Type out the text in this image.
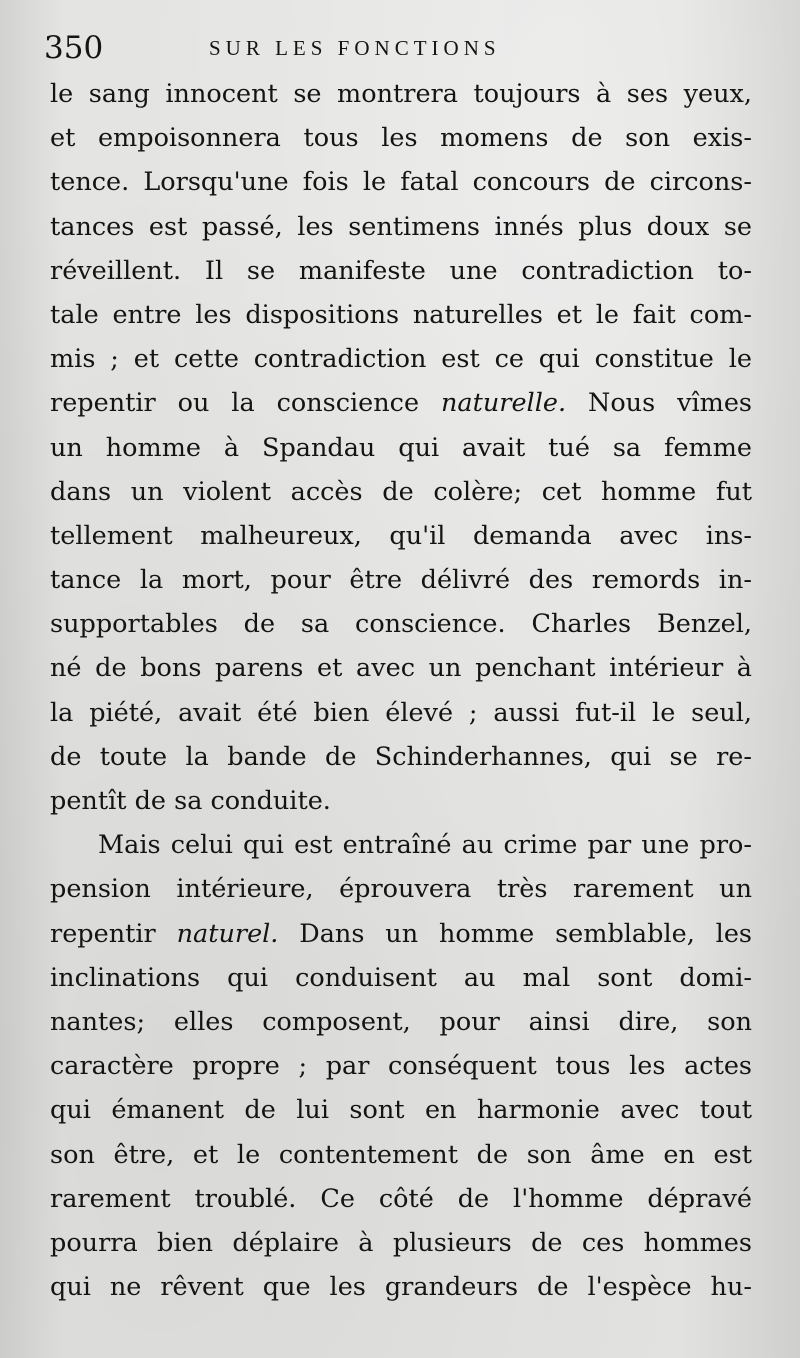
350	SUR LES FONCTIONS
le sang innocent se montrera toujours à ses yeux,
et empoisonnera tous les momens de son exis-
tence. Lorsqu'une fois le fatal concours de circons-
tances est passé, les sentimens innés plus doux se
réveillent. Il se manifeste une contradiction to-
tale entre les dispositions naturelles et le fait com-
mis ; et cette contradiction est ce qui constitue le
repentir ou la conscience naturelle. Nous vîmes
un homme à Spandau qui avait tué sa femme
dans un violent accès de colère; cet homme fut
tellement malheureux, qu'il demanda avec ins-
tance la mort, pour être délivré des remords in-
supportables de sa conscience. Charles Benzel,
né de bons parens et avec un penchant intérieur à
la piété, avait été bien élevé ; aussi fut-il le seul,
de toute la bande de Schinderhannes, qui se re-
pentît de sa conduite.
Mais celui qui est entraîné au crime par une pro-
pension intérieure, éprouvera très rarement un
repentir naturel. Dans un homme semblable, les
inclinations qui conduisent au mal sont domi-
nantes; elles composent, pour ainsi dire, son
caractère propre ; par conséquent tous les actes
qui émanent de lui sont en harmonie avec tout
son être, et le contentement de son âme en est
rarement troublé. Ce côté de l'homme dépravé
pourra bien déplaire à plusieurs de ces hommes
qui ne rêvent que les grandeurs de l'espèce hu-
